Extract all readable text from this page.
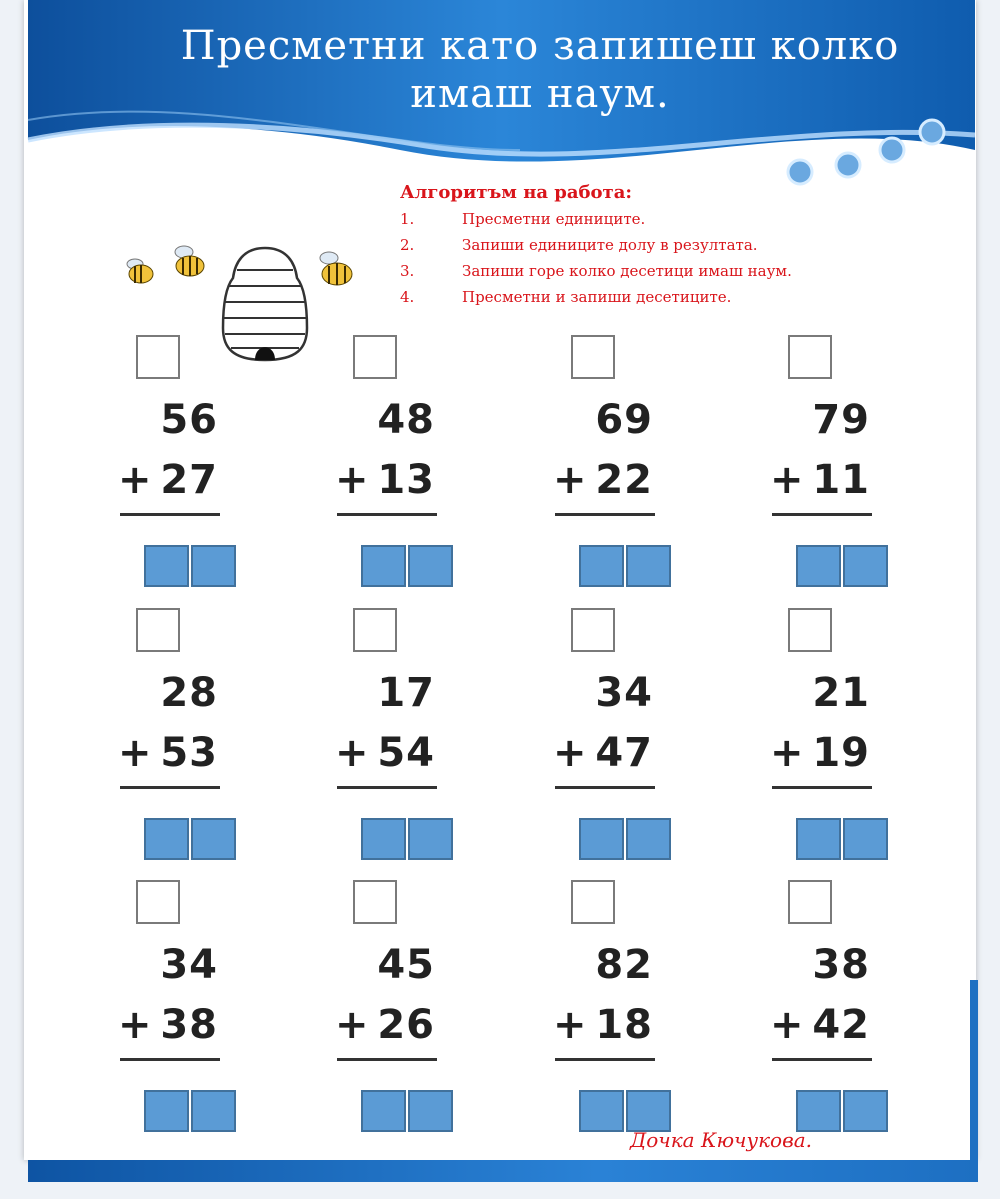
Пресметни като запишеш колко имаш наум.
Алгоритъм на работа:
1.	Пресметни единиците.
2.	Запиши единиците долу в резултата.
3.	Запиши горе колко десетици имаш наум.
4.	Пресметни и запиши десетиците.
56
+ 27
48
+ 13
69
+ 22
79
+ 11
28
+ 53
17
+ 54
34
+ 47
21
+ 19
34
+ 38
45
+ 26
82
+ 18
38
+ 42
Дочка Кючукова.
